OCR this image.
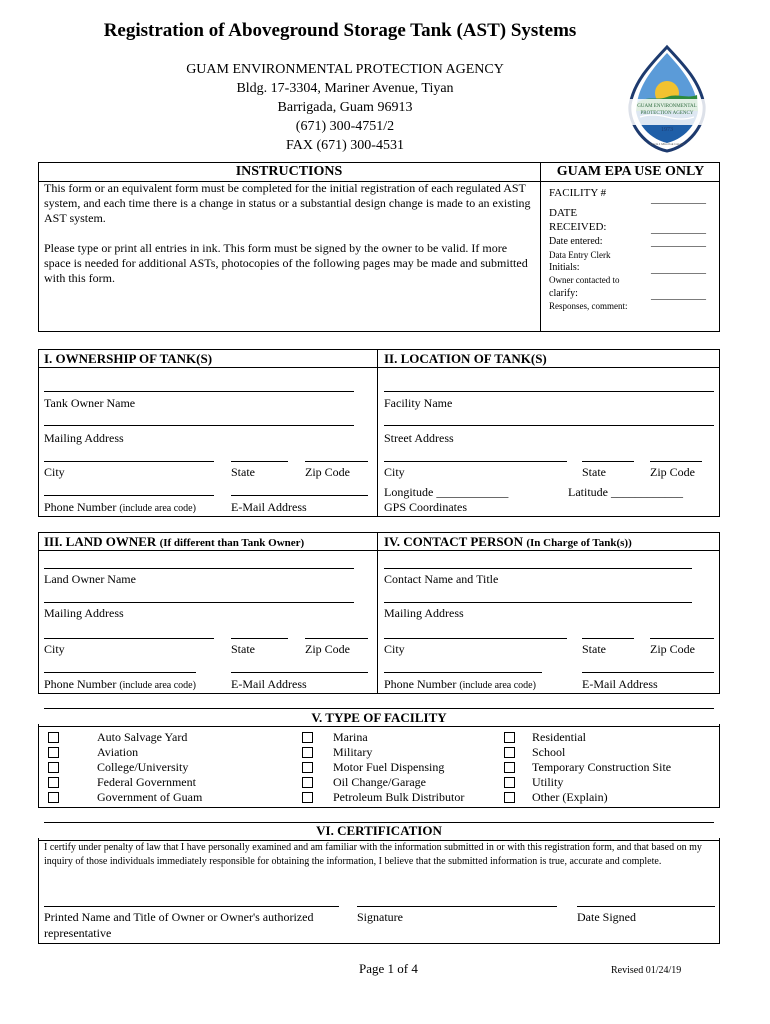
Registration of Aboveground Storage Tank (AST) Systems
GUAM ENVIRONMENTAL PROTECTION AGENCY
Bldg. 17-3304, Mariner Avenue, Tiyan
Barrigada, Guam 96913
(671) 300-4751/2
FAX (671) 300-4531
GUAM ENVIRONMENTAL
PROTECTION AGENCY
1973
Tutela I Mina'lak Lina'la'
INSTRUCTIONS
This form or an equivalent form must be completed for the initial registration of each regulated AST system, and each time there is a change in status or a substantial design change is made to an existing AST system.
Please type or print all entries in ink. This form must be signed by the owner to be valid. If more space is needed for additional ASTs, photocopies of the following pages may be made and submitted with this form.
GUAM EPA USE ONLY
FACILITY #	__________
DATE
RECEIVED:	__________
Date entered:	__________
Data Entry Clerk
Initials:	__________
Owner contacted to
clarify:	__________
Responses, comment:
I. OWNERSHIP OF TANK(S)	II. LOCATION OF TANK(S)
Tank Owner Name
Mailing Address
City	State	Zip Code
Phone Number (include area code)	E-Mail Address
Facility Name
Street Address
City	State	Zip Code
Longitude ____________	Latitude ____________
GPS Coordinates
III. LAND OWNER (If different than Tank Owner)	IV. CONTACT PERSON (In Charge of Tank(s))
Land Owner Name
Mailing Address
City	State	Zip Code
Phone Number (include area code)	E-Mail Address
Contact Name and Title
Mailing Address
City	State	Zip Code
Phone Number (include area code)	E-Mail Address
V. TYPE OF FACILITY
Auto Salvage Yard
Aviation
College/University
Federal Government
Government of Guam
Marina
Military
Motor Fuel Dispensing
Oil Change/Garage
Petroleum Bulk Distributor
Residential
School
Temporary Construction Site
Utility
Other (Explain)
VI. CERTIFICATION
I certify under penalty of law that I have personally examined and am familiar with the information submitted in or with this registration form, and that based on my inquiry of those individuals immediately responsible for obtaining the information, I believe that the submitted information is true, accurate and complete.
Printed Name and Title of Owner or Owner's authorized
representative
Signature	Date Signed
Page 1 of 4	Revised 01/24/19
